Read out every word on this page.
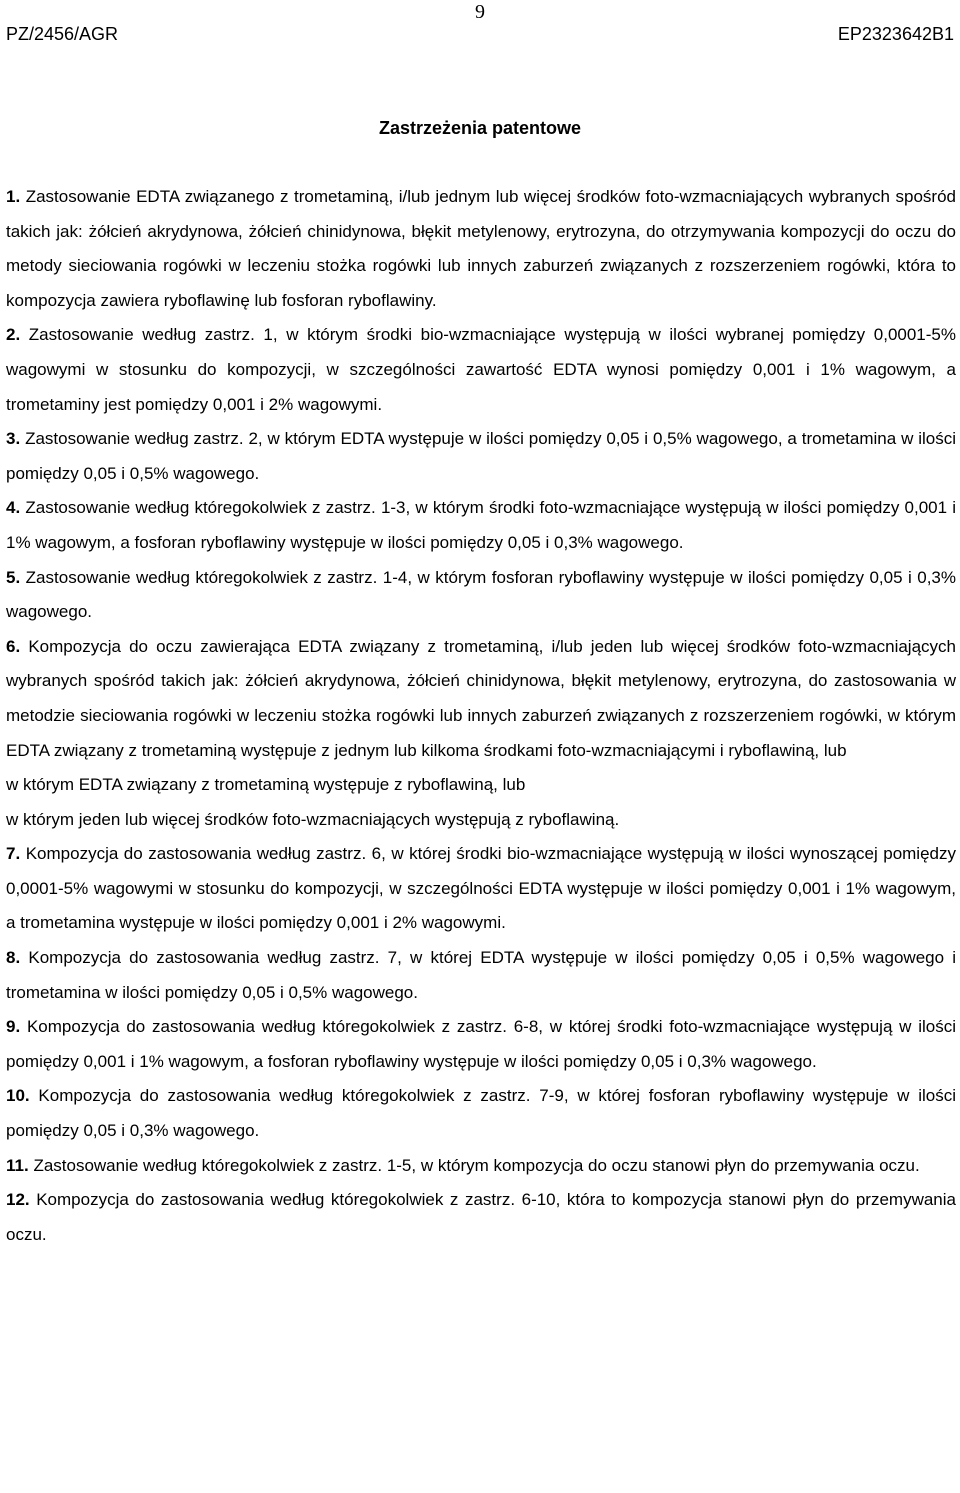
9
PZ/2456/AGR	EP2323642B1
Zastrzeżenia patentowe

1. Zastosowanie EDTA związanego z trometaminą, i/lub jednym lub więcej środków foto-wzmacniających wybranych spośród takich jak: żółcień akrydynowa, żółcień chinidynowa, błękit metylenowy, erytrozyna, do otrzymywania kompozycji do oczu do metody sieciowania rogówki w leczeniu stożka rogówki lub innych zaburzeń związanych z rozszerzeniem rogówki, która to kompozycja zawiera ryboflawinę lub fosforan ryboflawiny.

2. Zastosowanie według zastrz. 1, w którym środki bio-wzmacniające występują w ilości wybranej pomiędzy 0,0001-5% wagowymi w stosunku do kompozycji, w szczególności zawartość EDTA wynosi pomiędzy 0,001 i 1% wagowym, a trometaminy jest pomiędzy 0,001 i 2% wagowymi.

3. Zastosowanie według zastrz. 2, w którym EDTA występuje w ilości pomiędzy 0,05 i 0,5% wagowego, a trometamina w ilości pomiędzy 0,05 i 0,5% wagowego.

4. Zastosowanie według któregokolwiek z zastrz. 1-3, w którym środki foto-wzmacniające występują w ilości pomiędzy 0,001 i 1% wagowym, a fosforan ryboflawiny występuje w ilości pomiędzy 0,05 i 0,3% wagowego.

5. Zastosowanie według któregokolwiek z zastrz. 1-4, w którym fosforan ryboflawiny występuje w ilości pomiędzy 0,05 i 0,3% wagowego.

6. Kompozycja do oczu zawierająca EDTA związany z trometaminą, i/lub jeden lub więcej środków foto-wzmacniających wybranych spośród takich jak: żółcień akrydynowa, żółcień chinidynowa, błękit metylenowy, erytrozyna, do zastosowania w metodzie sieciowania rogówki w leczeniu stożka rogówki lub innych zaburzeń związanych z rozszerzeniem rogówki, w którym EDTA związany z trometaminą występuje z jednym lub kilkoma środkami foto-wzmacniającymi i ryboflawiną, lub
w którym EDTA związany z trometaminą występuje z ryboflawiną, lub
w którym jeden lub więcej środków foto-wzmacniających występują z ryboflawiną.

7. Kompozycja do zastosowania według zastrz. 6, w której środki bio-wzmacniające występują w ilości wynoszącej pomiędzy 0,0001-5% wagowymi w stosunku do kompozycji, w szczególności EDTA występuje w ilości pomiędzy 0,001 i 1% wagowym, a trometamina występuje w ilości pomiędzy 0,001 i 2% wagowymi.

8. Kompozycja do zastosowania według zastrz. 7, w której EDTA występuje w ilości pomiędzy 0,05 i 0,5% wagowego i trometamina w ilości pomiędzy 0,05 i 0,5% wagowego.

9. Kompozycja do zastosowania według któregokolwiek z zastrz. 6-8, w której środki foto-wzmacniające występują w ilości pomiędzy 0,001 i 1% wagowym, a fosforan ryboflawiny występuje w ilości pomiędzy 0,05 i 0,3% wagowego.

10. Kompozycja do zastosowania według któregokolwiek z zastrz. 7-9, w której fosforan ryboflawiny występuje w ilości pomiędzy 0,05 i 0,3% wagowego.

11. Zastosowanie według któregokolwiek z zastrz. 1-5, w którym kompozycja do oczu stanowi płyn do przemywania oczu.

12. Kompozycja do zastosowania według któregokolwiek z zastrz. 6-10, która to kompozycja stanowi płyn do przemywania oczu.
